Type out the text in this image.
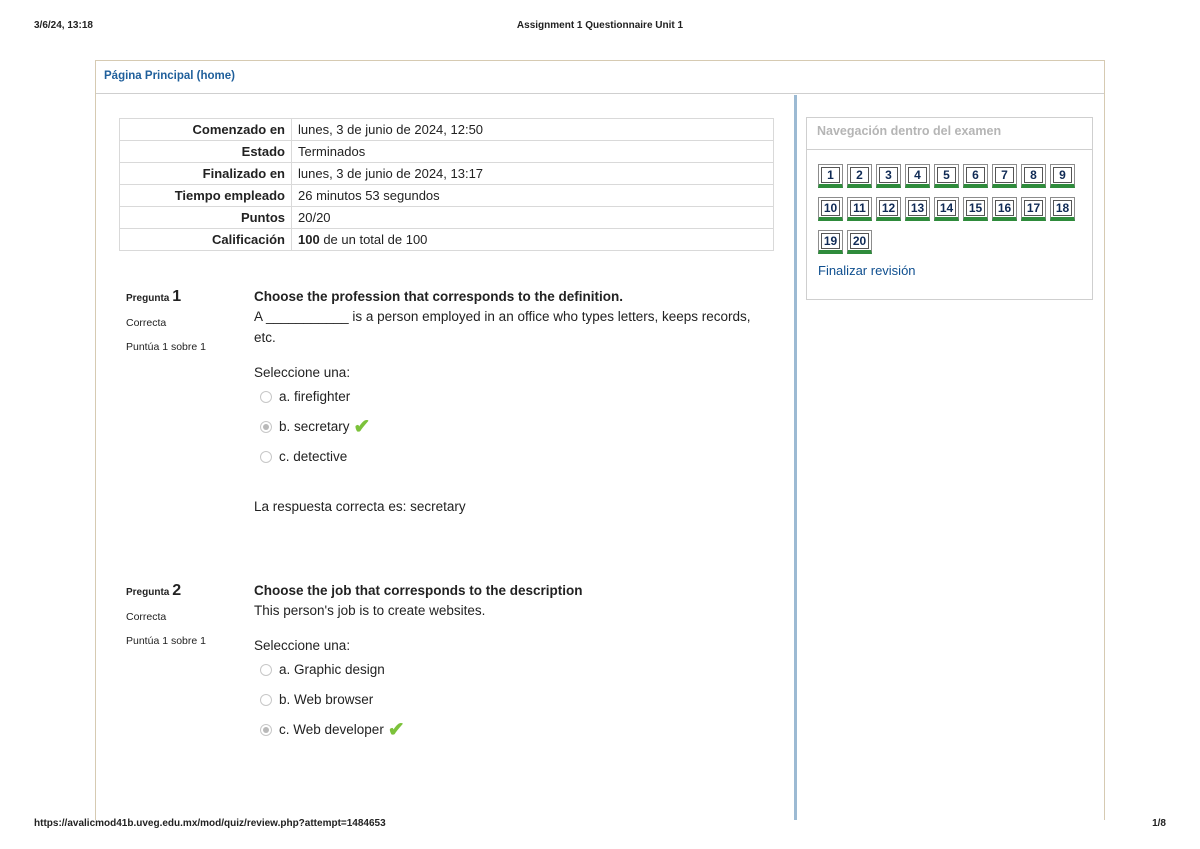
3/6/24, 13:18	Assignment 1 Questionnaire Unit 1
Página Principal (home)
Comenzado en	lunes, 3 de junio de 2024, 12:50
Estado	Terminados
Finalizado en	lunes, 3 de junio de 2024, 13:17
Tiempo empleado	26 minutos 53 segundos
Puntos	20/20
Calificación	100 de un total de 100
Pregunta 1
Correcta
Puntúa 1 sobre 1
Choose the profession that corresponds to the definition.
A ___________ is a person employed in an office who types letters, keeps records, etc.
Seleccione una:
a. firefighter
b. secretary ✔
c. detective
La respuesta correcta es: secretary
Pregunta 2
Correcta
Puntúa 1 sobre 1
Choose the job that corresponds to the description
This person's job is to create websites.
Seleccione una:
a. Graphic design
b. Web browser
c. Web developer ✔
Navegación dentro del examen
1	2	3	4	5	6	7	8	9
10 11 12 13 14 15 16 17 18
19 20
Finalizar revisión
https://avalicmod41b.uveg.edu.mx/mod/quiz/review.php?attempt=1484653	1/8
